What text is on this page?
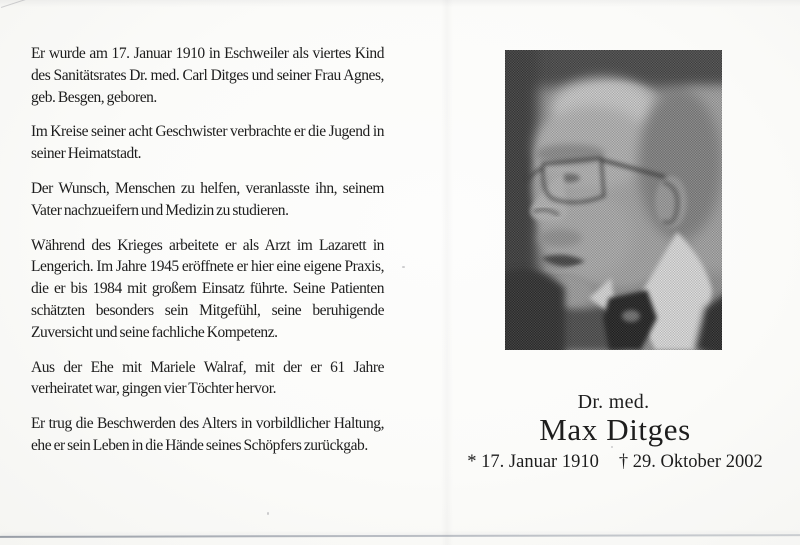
Er wurde am 17. Januar 1910 in Eschweiler als viertes Kind des Sanitätsrates Dr. med. Carl Ditges und seiner Frau Agnes, geb. Besgen, geboren.

Im Kreise seiner acht Geschwister verbrachte er die Jugend in seiner Heimatstadt.

Der Wunsch, Menschen zu helfen, veranlasste ihn, seinem Vater nachzueifern und Medizin zu studieren.

Während des Krieges arbeitete er als Arzt im Lazarett in Lengerich. Im Jahre 1945 eröffnete er hier eine eigene Praxis, die er bis 1984 mit großem Einsatz führte. Seine Patienten schätzten besonders sein Mitgefühl, seine beruhigende Zuversicht und seine fachliche Kompetenz.

Aus der Ehe mit Mariele Walraf, mit der er 61 Jahre verheiratet war, gingen vier Töchter hervor.

Er trug die Beschwerden des Alters in vorbildlicher Haltung, ehe er sein Leben in die Hände seines Schöpfers zurückgab.

Dr. med.
Max Ditges
* 17. Januar 1910 † 29. Oktober 2002
